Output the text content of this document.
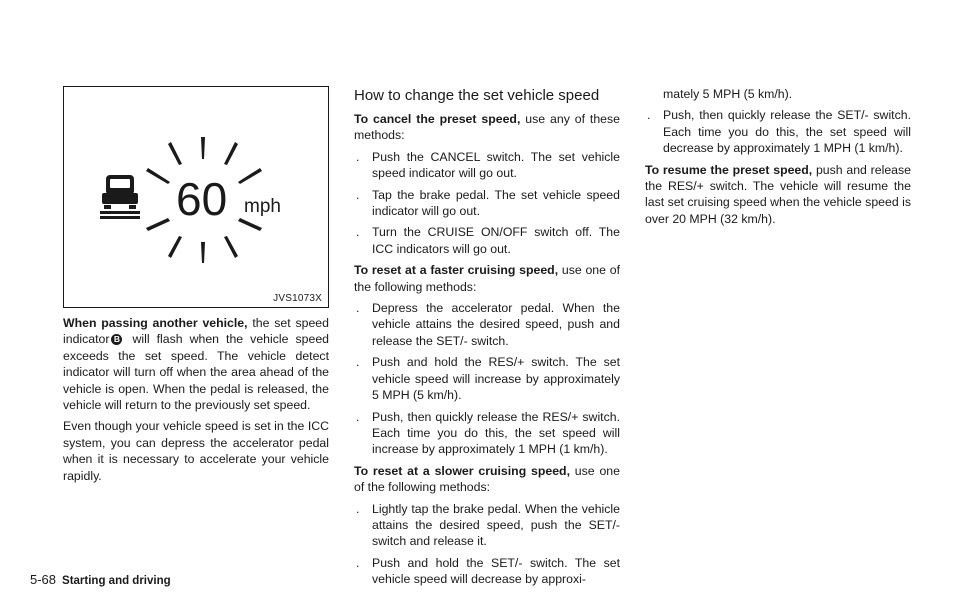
60 mph
JVS1073X

When passing another vehicle, the set speed indicator B will flash when the vehicle speed exceeds the set speed. The vehicle detect indicator will turn off when the area ahead of the vehicle is open. When the pedal is released, the vehicle will return to the previously set speed.

Even though your vehicle speed is set in the ICC system, you can depress the accelerator pedal when it is necessary to accelerate your vehicle rapidly.

How to change the set vehicle speed

To cancel the preset speed, use any of these methods:

. Push the CANCEL switch. The set vehicle speed indicator will go out.
. Tap the brake pedal. The set vehicle speed indicator will go out.
. Turn the CRUISE ON/OFF switch off. The ICC indicators will go out.

To reset at a faster cruising speed, use one of the following methods:

. Depress the accelerator pedal. When the vehicle attains the desired speed, push and release the SET/- switch.
. Push and hold the RES/+ switch. The set vehicle speed will increase by approximately 5 MPH (5 km/h).
. Push, then quickly release the RES/+ switch. Each time you do this, the set speed will increase by approximately 1 MPH (1 km/h).

To reset at a slower cruising speed, use one of the following methods:

. Lightly tap the brake pedal. When the vehicle attains the desired speed, push the SET/- switch and release it.
. Push and hold the SET/- switch. The set vehicle speed will decrease by approxi-
mately 5 MPH (5 km/h).
. Push, then quickly release the SET/- switch. Each time you do this, the set speed will decrease by approximately 1 MPH (1 km/h).

To resume the preset speed, push and release the RES/+ switch. The vehicle will resume the last set cruising speed when the vehicle speed is over 20 MPH (32 km/h).

5-68 Starting and driving
